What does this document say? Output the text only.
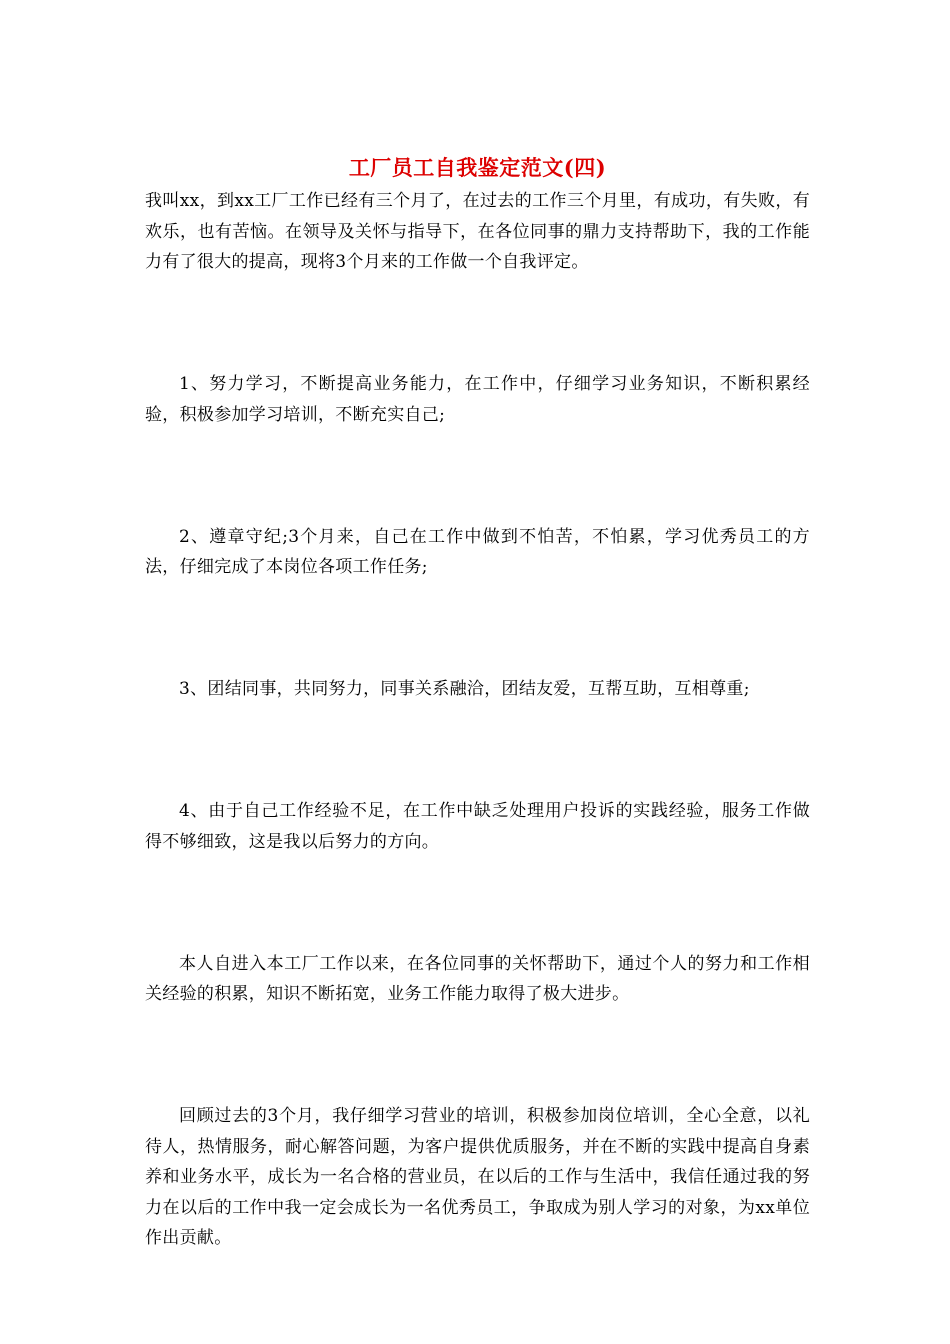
工厂员工自我鉴定范文(四)

我叫xx，到xx工厂工作已经有三个月了，在过去的工作三个月里，有成功，有失败，有欢乐，也有苦恼。在领导及关怀与指导下，在各位同事的鼎力支持帮助下，我的工作能力有了很大的提高，现将3个月来的工作做一个自我评定。

1、努力学习，不断提高业务能力，在工作中，仔细学习业务知识，不断积累经验，积极参加学习培训，不断充实自己;

2、遵章守纪;3个月来，自己在工作中做到不怕苦，不怕累，学习优秀员工的方法，仔细完成了本岗位各项工作任务;

3、团结同事，共同努力，同事关系融洽，团结友爱，互帮互助，互相尊重;

4、由于自己工作经验不足，在工作中缺乏处理用户投诉的实践经验，服务工作做得不够细致，这是我以后努力的方向。

本人自进入本工厂工作以来，在各位同事的关怀帮助下，通过个人的努力和工作相关经验的积累，知识不断拓宽，业务工作能力取得了极大进步。

回顾过去的3个月，我仔细学习营业的培训，积极参加岗位培训，全心全意，以礼待人，热情服务，耐心解答问题，为客户提供优质服务，并在不断的实践中提高自身素养和业务水平，成长为一名合格的营业员，在以后的工作与生活中，我信任通过我的努力在以后的工作中我一定会成长为一名优秀员工，争取成为别人学习的对象，为xx单位作出贡献。
